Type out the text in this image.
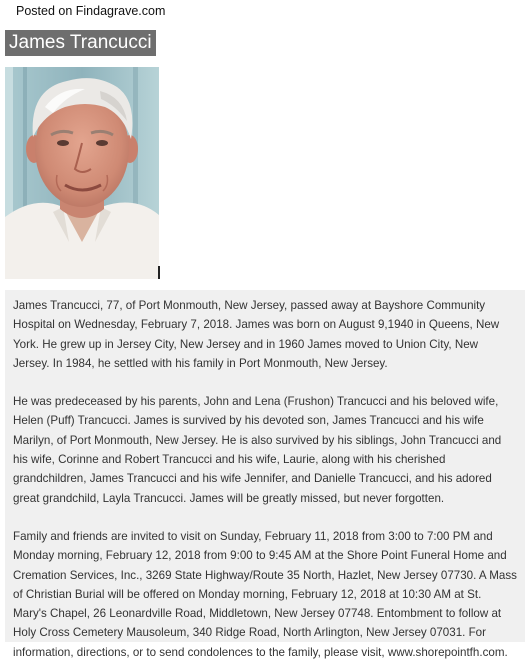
Posted on Findagrave.com
James Trancucci

James Trancucci, 77, of Port Monmouth, New Jersey, passed away at Bayshore Community Hospital on Wednesday, February 7, 2018. James was born on August 9,1940 in Queens, New York. He grew up in Jersey City, New Jersey and in 1960 James moved to Union City, New Jersey. In 1984, he settled with his family in Port Monmouth, New Jersey.

He was predeceased by his parents, John and Lena (Frushon) Trancucci and his beloved wife, Helen (Puff) Trancucci. James is survived by his devoted son, James Trancucci and his wife Marilyn, of Port Monmouth, New Jersey. He is also survived by his siblings, John Trancucci and his wife, Corinne and Robert Trancucci and his wife, Laurie, along with his cherished grandchildren, James Trancucci and his wife Jennifer, and Danielle Trancucci, and his adored great grandchild, Layla Trancucci. James will be greatly missed, but never forgotten.

Family and friends are invited to visit on Sunday, February 11, 2018 from 3:00 to 7:00 PM and Monday morning, February 12, 2018 from 9:00 to 9:45 AM at the Shore Point Funeral Home and Cremation Services, Inc., 3269 State Highway/Route 35 North, Hazlet, New Jersey 07730. A Mass of Christian Burial will be offered on Monday morning, February 12, 2018 at 10:30 AM at St. Mary's Chapel, 26 Leonardville Road, Middletown, New Jersey 07748. Entombment to follow at Holy Cross Cemetery Mausoleum, 340 Ridge Road, North Arlington, New Jersey 07031. For information, directions, or to send condolences to the family, please visit, www.shorepointfh.com.
